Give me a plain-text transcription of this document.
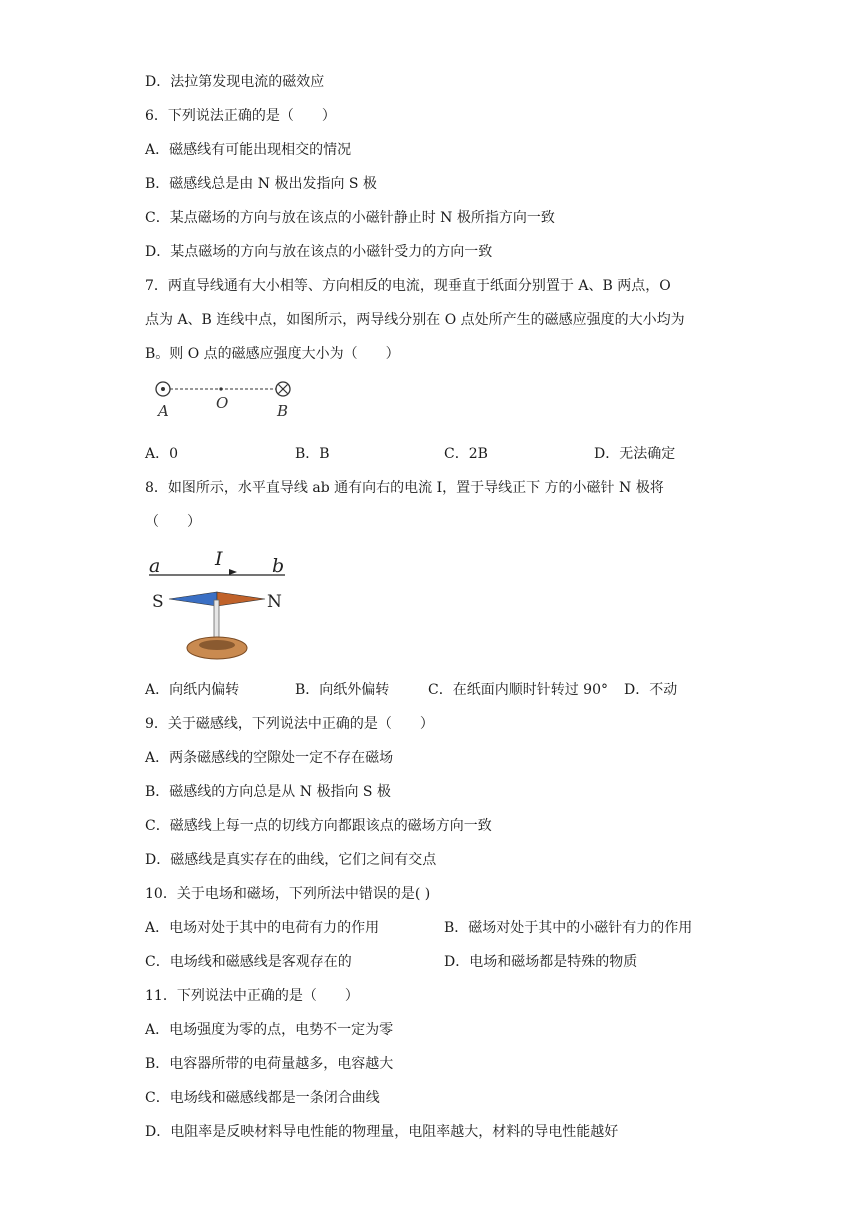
D．法拉第发现电流的磁效应
6．下列说法正确的是（　　）
A．磁感线有可能出现相交的情况
B．磁感线总是由 N 极出发指向 S 极
C．某点磁场的方向与放在该点的小磁针静止时 N 极所指方向一致
D．某点磁场的方向与放在该点的小磁针受力的方向一致
7．两直导线通有大小相等、方向相反的电流，现垂直于纸面分别置于 A、B 两点，O
点为 A、B 连线中点，如图所示，两导线分别在 O 点处所产生的磁感应强度的大小均为
B。则 O 点的磁感应强度大小为（　　）
A	O	B
A．0	B．B	C．2B	D．无法确定
8．如图所示，水平直导线 ab 通有向右的电流 I，置于导线正下 方的小磁针 N 极将
（　　）
a	I	b
S	N
A．向纸内偏转	B．向纸外偏转	C．在纸面内顺时针转过 90° D．不动
9．关于磁感线，下列说法中正确的是（　　）
A．两条磁感线的空隙处一定不存在磁场
B．磁感线的方向总是从 N 极指向 S 极
C．磁感线上每一点的切线方向都跟该点的磁场方向一致
D．磁感线是真实存在的曲线，它们之间有交点
10．关于电场和磁场，下列所法中错误的是( )
A．电场对处于其中的电荷有力的作用	B．磁场对处于其中的小磁针有力的作用
C．电场线和磁感线是客观存在的	D．电场和磁场都是特殊的物质
11．下列说法中正确的是（　　）
A．电场强度为零的点，电势不一定为零
B．电容器所带的电荷量越多，电容越大
C．电场线和磁感线都是一条闭合曲线
D．电阻率是反映材料导电性能的物理量，电阻率越大，材料的导电性能越好
